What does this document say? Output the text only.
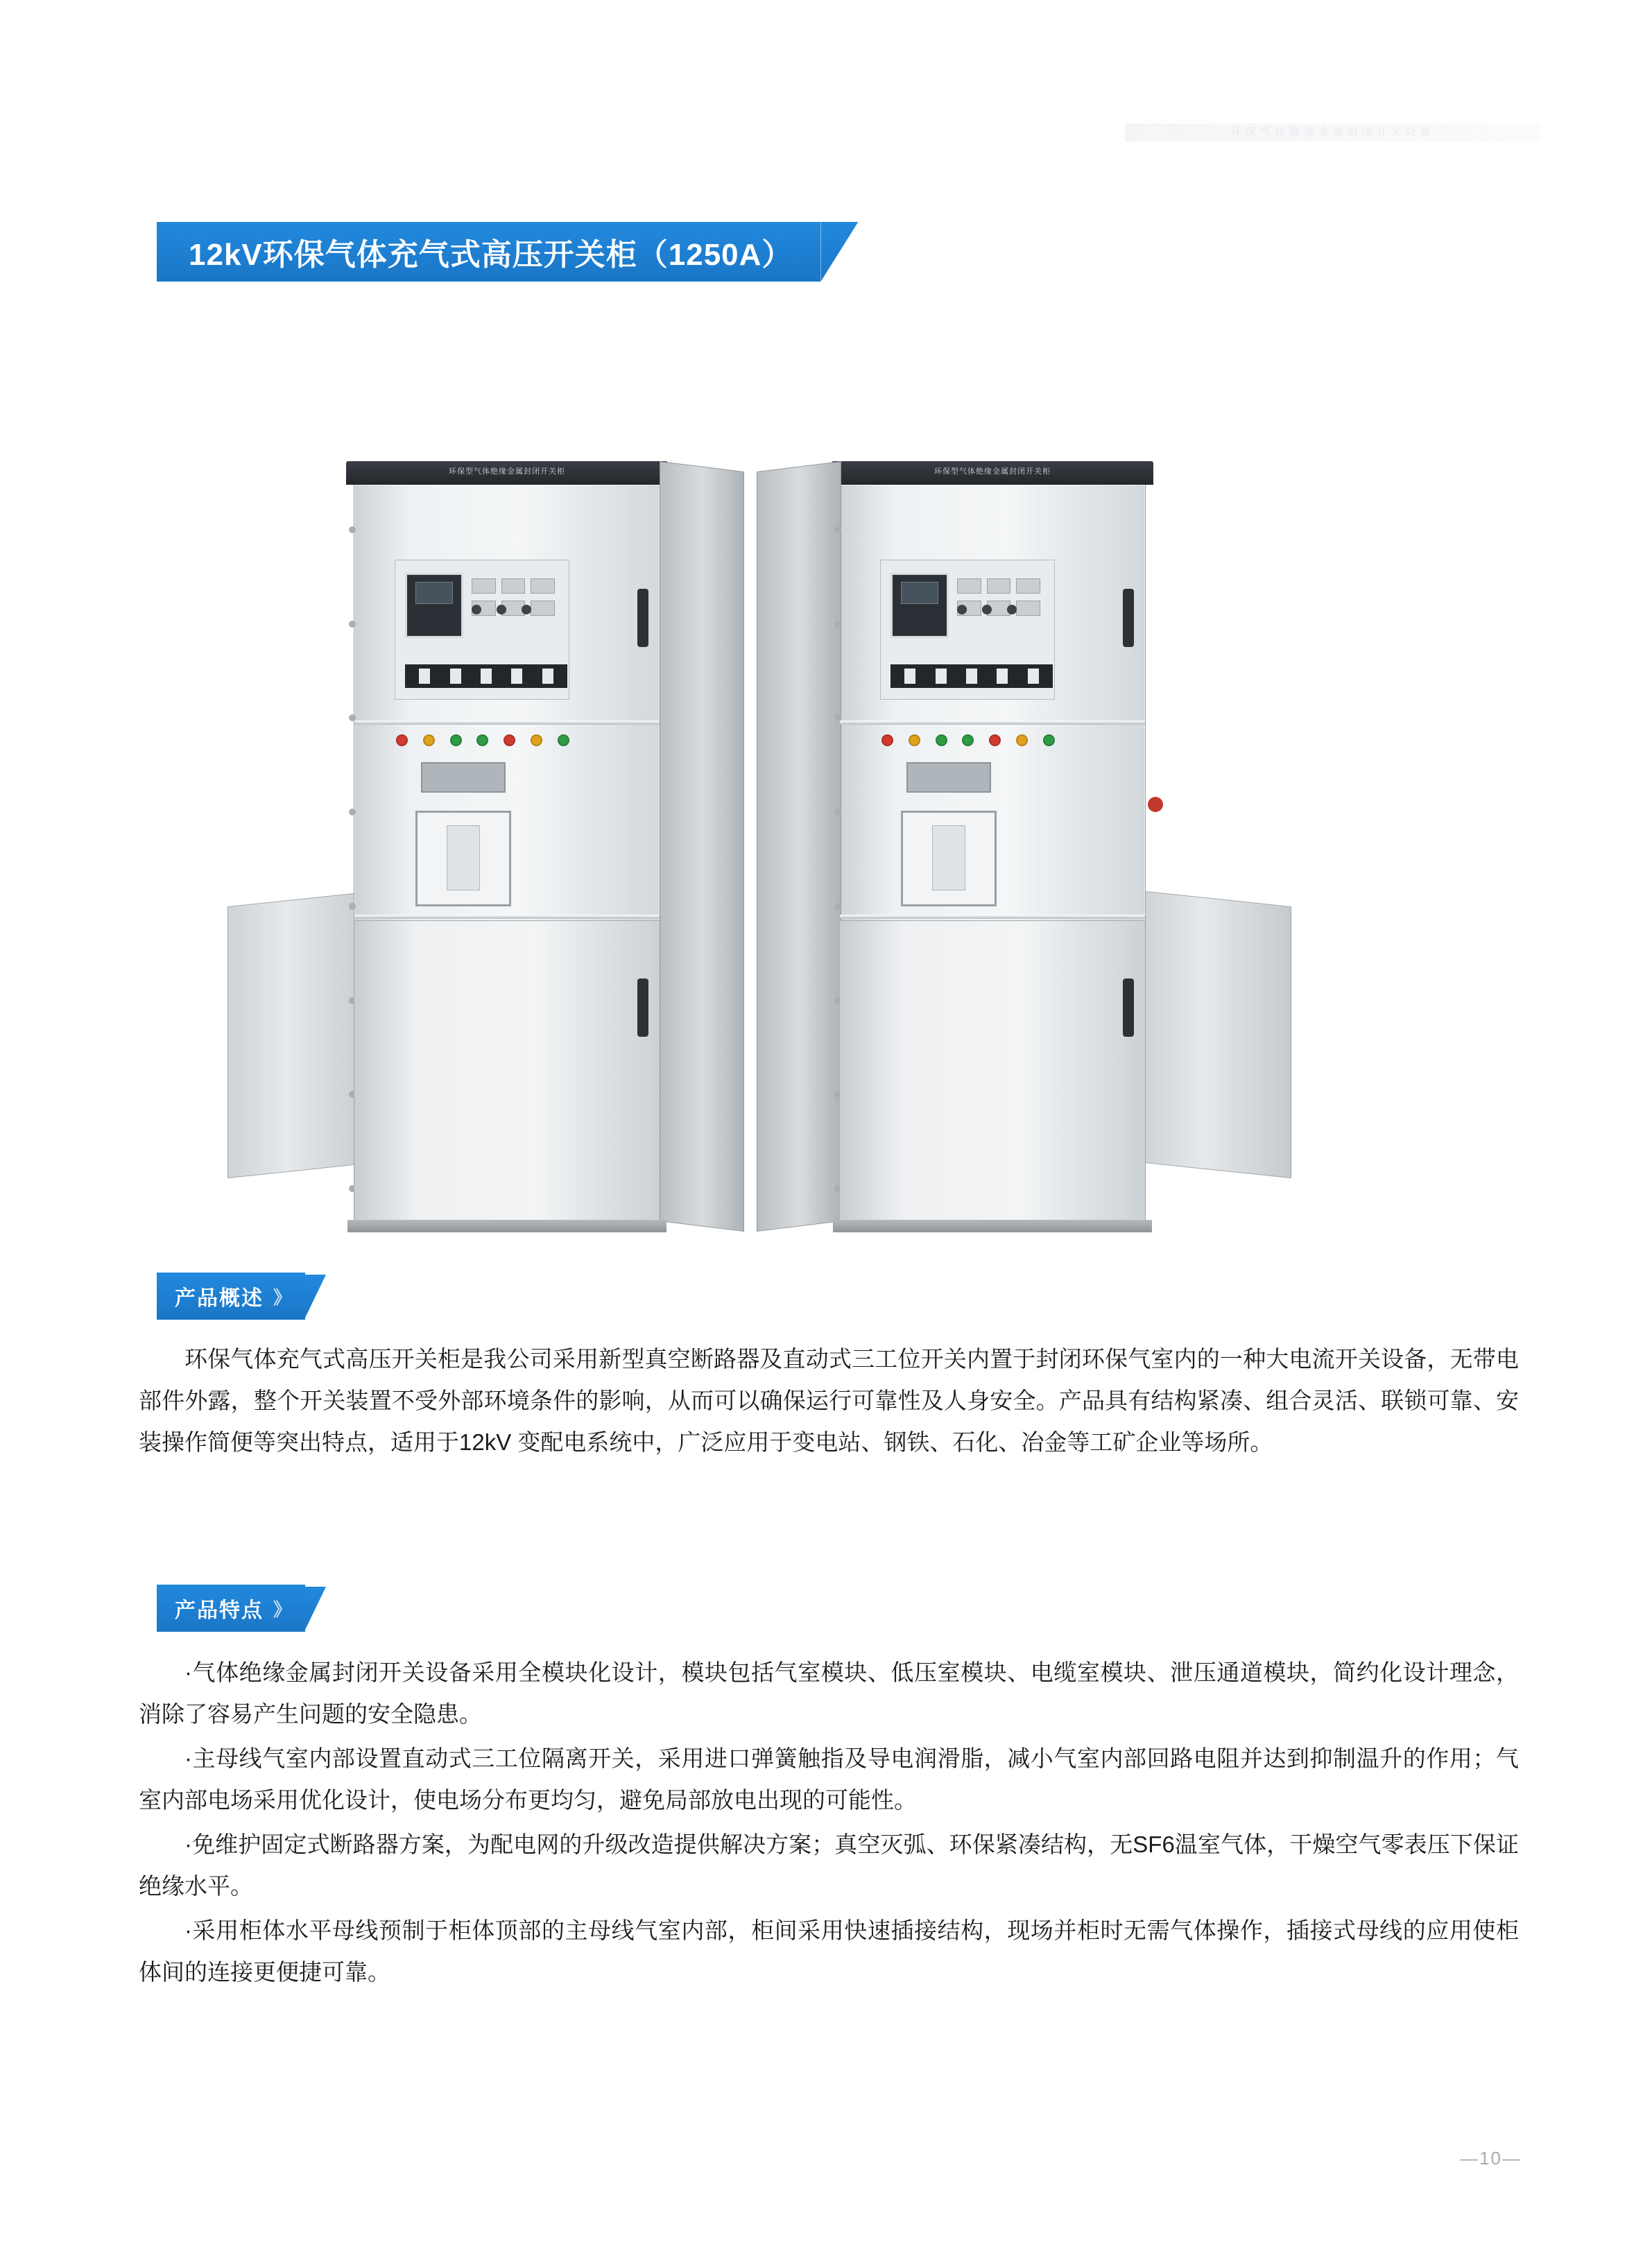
环保气体绝缘金属封闭开关设备
12kV环保气体充气式高压开关柜（1250A）
环保型气体绝缘金属封闭开关柜	环保型气体绝缘金属封闭开关柜
产品概述 》

环保气体充气式高压开关柜是我公司采用新型真空断路器及直动式三工位开关内置于封闭环保气室内的一种大电流开关设备，无带电部件外露，整个开关装置不受外部环境条件的影响，从而可以确保运行可靠性及人身安全。产品具有结构紧凑、组合灵活、联锁可靠、安装操作简便等突出特点，适用于12kV 变配电系统中，广泛应用于变电站、钢铁、石化、冶金等工矿企业等场所。

产品特点 》

·气体绝缘金属封闭开关设备采用全模块化设计，模块包括气室模块、低压室模块、电缆室模块、泄压通道模块，简约化设计理念，消除了容易产生问题的安全隐患。

·主母线气室内部设置直动式三工位隔离开关，采用进口弹簧触指及导电润滑脂，减小气室内部回路电阻并达到抑制温升的作用；气室内部电场采用优化设计，使电场分布更均匀，避免局部放电出现的可能性。

·免维护固定式断路器方案，为配电网的升级改造提供解决方案；真空灭弧、环保紧凑结构，无SF6温室气体，干燥空气零表压下保证绝缘水平。

·采用柜体水平母线预制于柜体顶部的主母线气室内部，柜间采用快速插接结构，现场并柜时无需气体操作，插接式母线的应用使柜体间的连接更便捷可靠。

—10—
